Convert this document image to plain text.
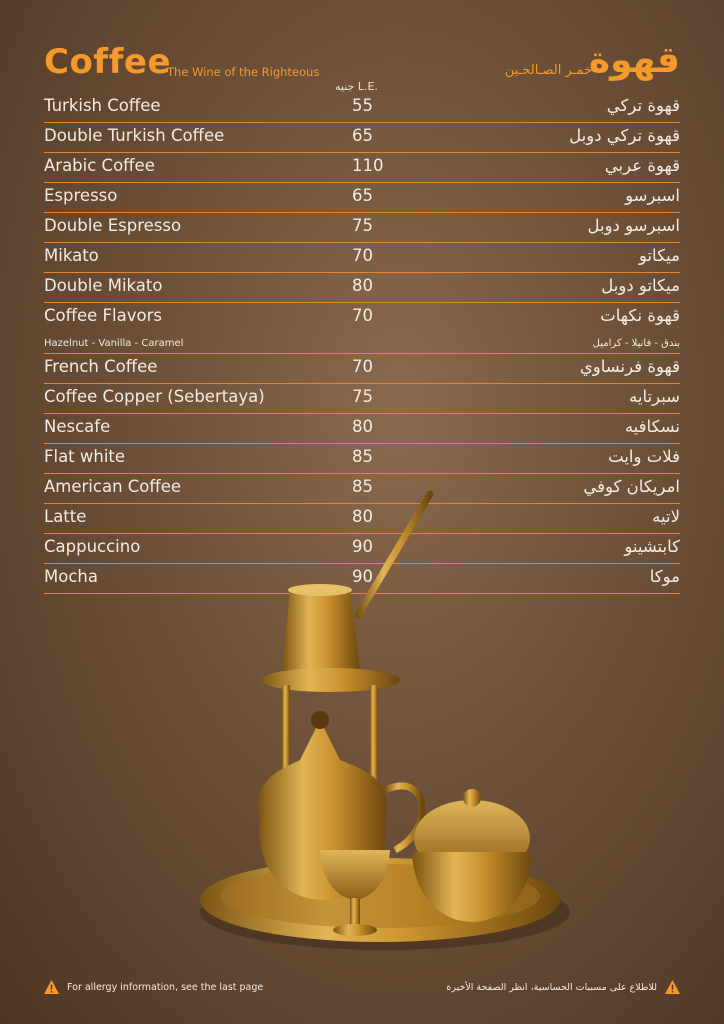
Coffee
The Wine of the Righteous	قهوة
خمـر الصـالحـين
جنيه L.E.
Turkish Coffee	55	قهوة تركي
Double Turkish Coffee	65	قهوة تركي دوبل
Arabic Coffee	110	قهوة عربي
Espresso	65	اسبرسو
Double Espresso	75	اسبرسو دوبل
Mikato	70	ميكاتو
Double Mikato	80	ميكاتو دوبل
Coffee Flavors	70	قهوة نكهات
Hazelnut - Vanilla - Caramel	بندق - فانيلا - كراميل
French Coffee	70	قهوة فرنساوي
Coffee Copper (Sebertaya)	75	سبرتايه
Nescafe	80	نسكافيه
Flat white	85	فلات وايت
American Coffee	85	امريكان كوفي
Latte	80	لاتيه
Cappuccino	90	كابتشينو
Mocha	90	موكا
For allergy information, see the last page	للاطلاع على مسببات الحساسية، انظر الصفحة الأخيرة
